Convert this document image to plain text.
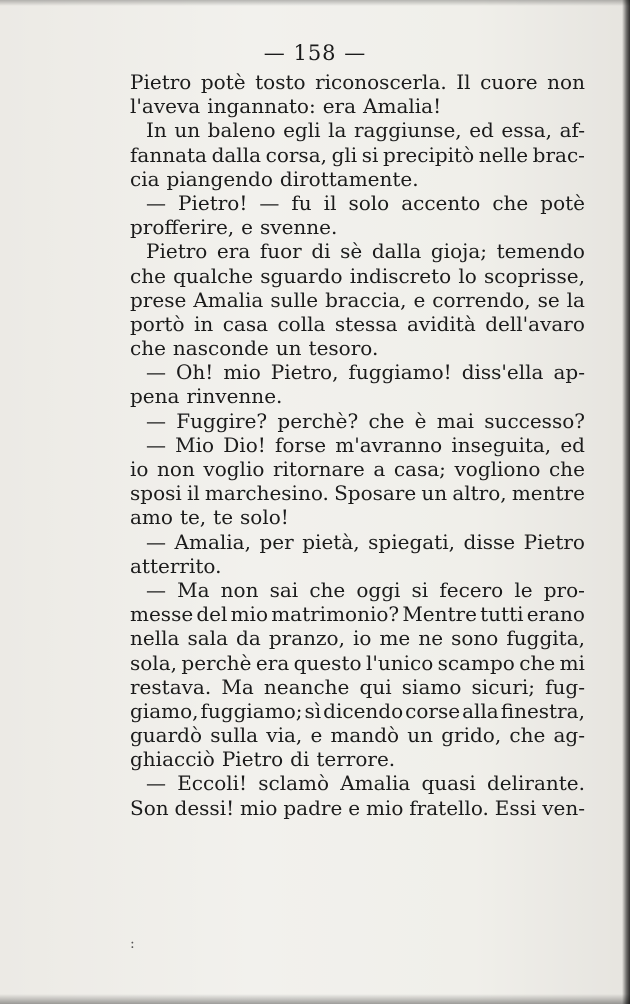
— 158 —
Pietro potè tosto riconoscerla. Il cuore non
l'aveva ingannato: era Amalia!
In un baleno egli la raggiunse, ed essa, af-
fannata dalla corsa, gli si precipitò nelle brac-
cia piangendo dirottamente.
— Pietro! — fu il solo accento che potè
profferire, e svenne.
Pietro era fuor di sè dalla gioja; temendo
che qualche sguardo indiscreto lo scoprisse,
prese Amalia sulle braccia, e correndo, se la
portò in casa colla stessa avidità dell'avaro
che nasconde un tesoro.
— Oh! mio Pietro, fuggiamo! diss'ella ap-
pena rinvenne.
— Fuggire? perchè? che è mai successo?
— Mio Dio! forse m'avranno inseguita, ed
io non voglio ritornare a casa; vogliono che
sposi il marchesino. Sposare un altro, mentre
amo te, te solo!
— Amalia, per pietà, spiegati, disse Pietro
atterrito.
— Ma non sai che oggi si fecero le pro-
messe del mio matrimonio? Mentre tutti erano
nella sala da pranzo, io me ne sono fuggita,
sola, perchè era questo l'unico scampo che mi
restava. Ma neanche qui siamo sicuri; fug-
giamo, fuggiamo; sì dicendo corse alla finestra,
guardò sulla via, e mandò un grido, che ag-
ghiacciò Pietro di terrore.
— Eccoli! sclamò Amalia quasi delirante.
Son dessi! mio padre e mio fratello. Essi ven-
:
